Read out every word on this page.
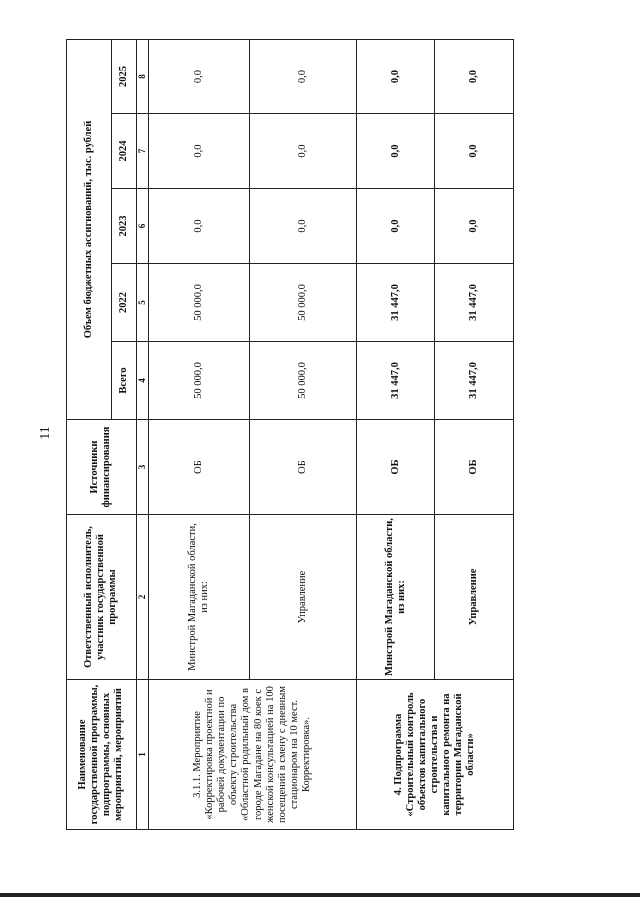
11
Наименование государственной программы, подпрограммы, основных мероприятий, мероприятий	Ответственный исполнитель, участник государственной программы	Источники финансирования	Объем бюджетных ассигнований, тыс. рублей				
			Всего	2022	2023	2024	2025
1	2	3	4	5	6	7	8
3.1.1. Мероприятие «Корректировка проектной и рабочей документации по объекту строительства «Областной родильный дом в городе Магадане на 80 коек с женской консультацией на 100 посещений в смену с дневным стационаром на 10 мест. Корректировка».	Минстрой Магаданской области, из них:	ОБ	50 000,0	50 000,0	0,0	0,0	0,0
	Управление	ОБ	50 000,0	50 000,0	0,0	0,0	0,0
4. Подпрограмма «Строительный контроль объектов капитального строительства и капитального ремонта на территории Магаданской области»	Минстрой Магаданской области, из них:	ОБ	31 447,0	31 447,0	0,0	0,0	0,0
	Управление	ОБ	31 447,0	31 447,0	0,0	0,0	0,0
